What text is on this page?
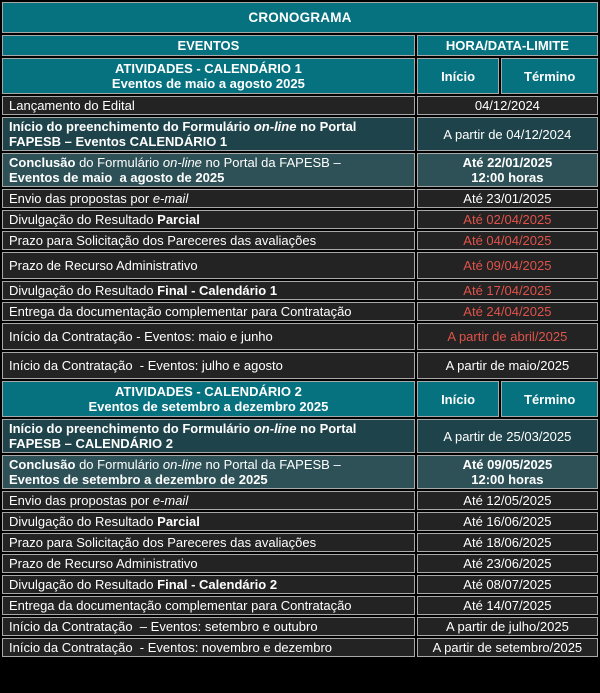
CRONOGRAMA		
EVENTOS	HORA/DATA-LIMITE	

ATIVIDADES - CALENDÁRIO 1
Eventos de maio a agosto 2025	Início	Término
Lançamento do Edital	04/12/2024	
Início do preenchimento do Formulário on-line no Portal
FAPESB – Eventos CALENDÁRIO 1	A partir de 04/12/2024	
Conclusão do Formulário on-line no Portal da FAPESB –
Eventos de maio  a agosto de 2025	Até 22/01/2025
12:00 horas	
Envio das propostas por e-mail	Até 23/01/2025	
Divulgação do Resultado Parcial	Até 02/04/2025	
Prazo para Solicitação dos Pareceres das avaliações	Até 04/04/2025	
Prazo de Recurso Administrativo	Até 09/04/2025	
Divulgação do Resultado Final - Calendário 1	Até 17/04/2025	
Entrega da documentação complementar para Contratação	Até 24/04/2025	
Início da Contratação - Eventos: maio e junho	A partir de abril/2025	
Início da Contratação  - Eventos: julho e agosto	A partir de maio/2025	

ATIVIDADES - CALENDÁRIO 2
Eventos de setembro a dezembro 2025	Início	Término
Início do preenchimento do Formulário on-line no Portal
FAPESB – CALENDÁRIO 2	A partir de 25/03/2025	
Conclusão do Formulário on-line no Portal da FAPESB –
Eventos de setembro a dezembro de 2025	Até 09/05/2025
12:00 horas	
Envio das propostas por e-mail	Até 12/05/2025	
Divulgação do Resultado Parcial	Até 16/06/2025	
Prazo para Solicitação dos Pareceres das avaliações	Até 18/06/2025	
Prazo de Recurso Administrativo	Até 23/06/2025	
Divulgação do Resultado Final - Calendário 2	Até 08/07/2025	
Entrega da documentação complementar para Contratação	Até 14/07/2025	
Início da Contratação  – Eventos: setembro e outubro	A partir de julho/2025	
Início da Contratação  - Eventos: novembro e dezembro	A partir de setembro/2025	
